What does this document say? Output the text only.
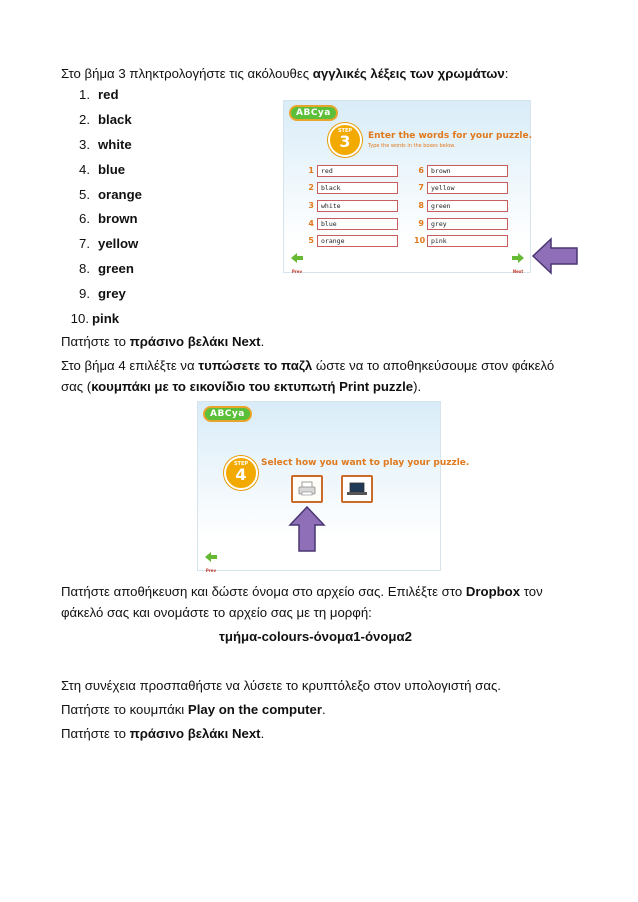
Στο βήμα 3 πληκτρολογήστε τις ακόλουθες αγγλικές λέξεις των χρωμάτων:
1. red
2. black
3. white
4. blue
5. orange
6. brown
7. yellow
8. green
9. grey
10. pink
ABCya
STEP
3	Enter the words for your puzzle.
Type the words in the boxes below.
1	red
2	black
3	white
4	blue
5	orange
6	brown
7	yellow
8	green
9	grey
10 pink
Prev	Next
Πατήστε το πράσινο βελάκι Next.
Στο βήμα 4 επιλέξτε να τυπώσετε το παζλ ώστε να το αποθηκεύσουμε στον φάκελό
σας (κουμπάκι με το εικονίδιο του εκτυπωτή Print puzzle).
ABCya
STEP
4
Select how you want to play your puzzle.
Prev
Πατήστε αποθήκευση και δώστε όνομα στο αρχείο σας. Επιλέξτε στο Dropbox τον
φάκελό σας και ονομάστε το αρχείο σας με τη μορφή:
τμήμα-colours-όνομα1-όνομα2
Στη συνέχεια προσπαθήστε να λύσετε το κρυπτόλεξο στον υπολογιστή σας.
Πατήστε το κουμπάκι Play on the computer.
Πατήστε το πράσινο βελάκι Next.
